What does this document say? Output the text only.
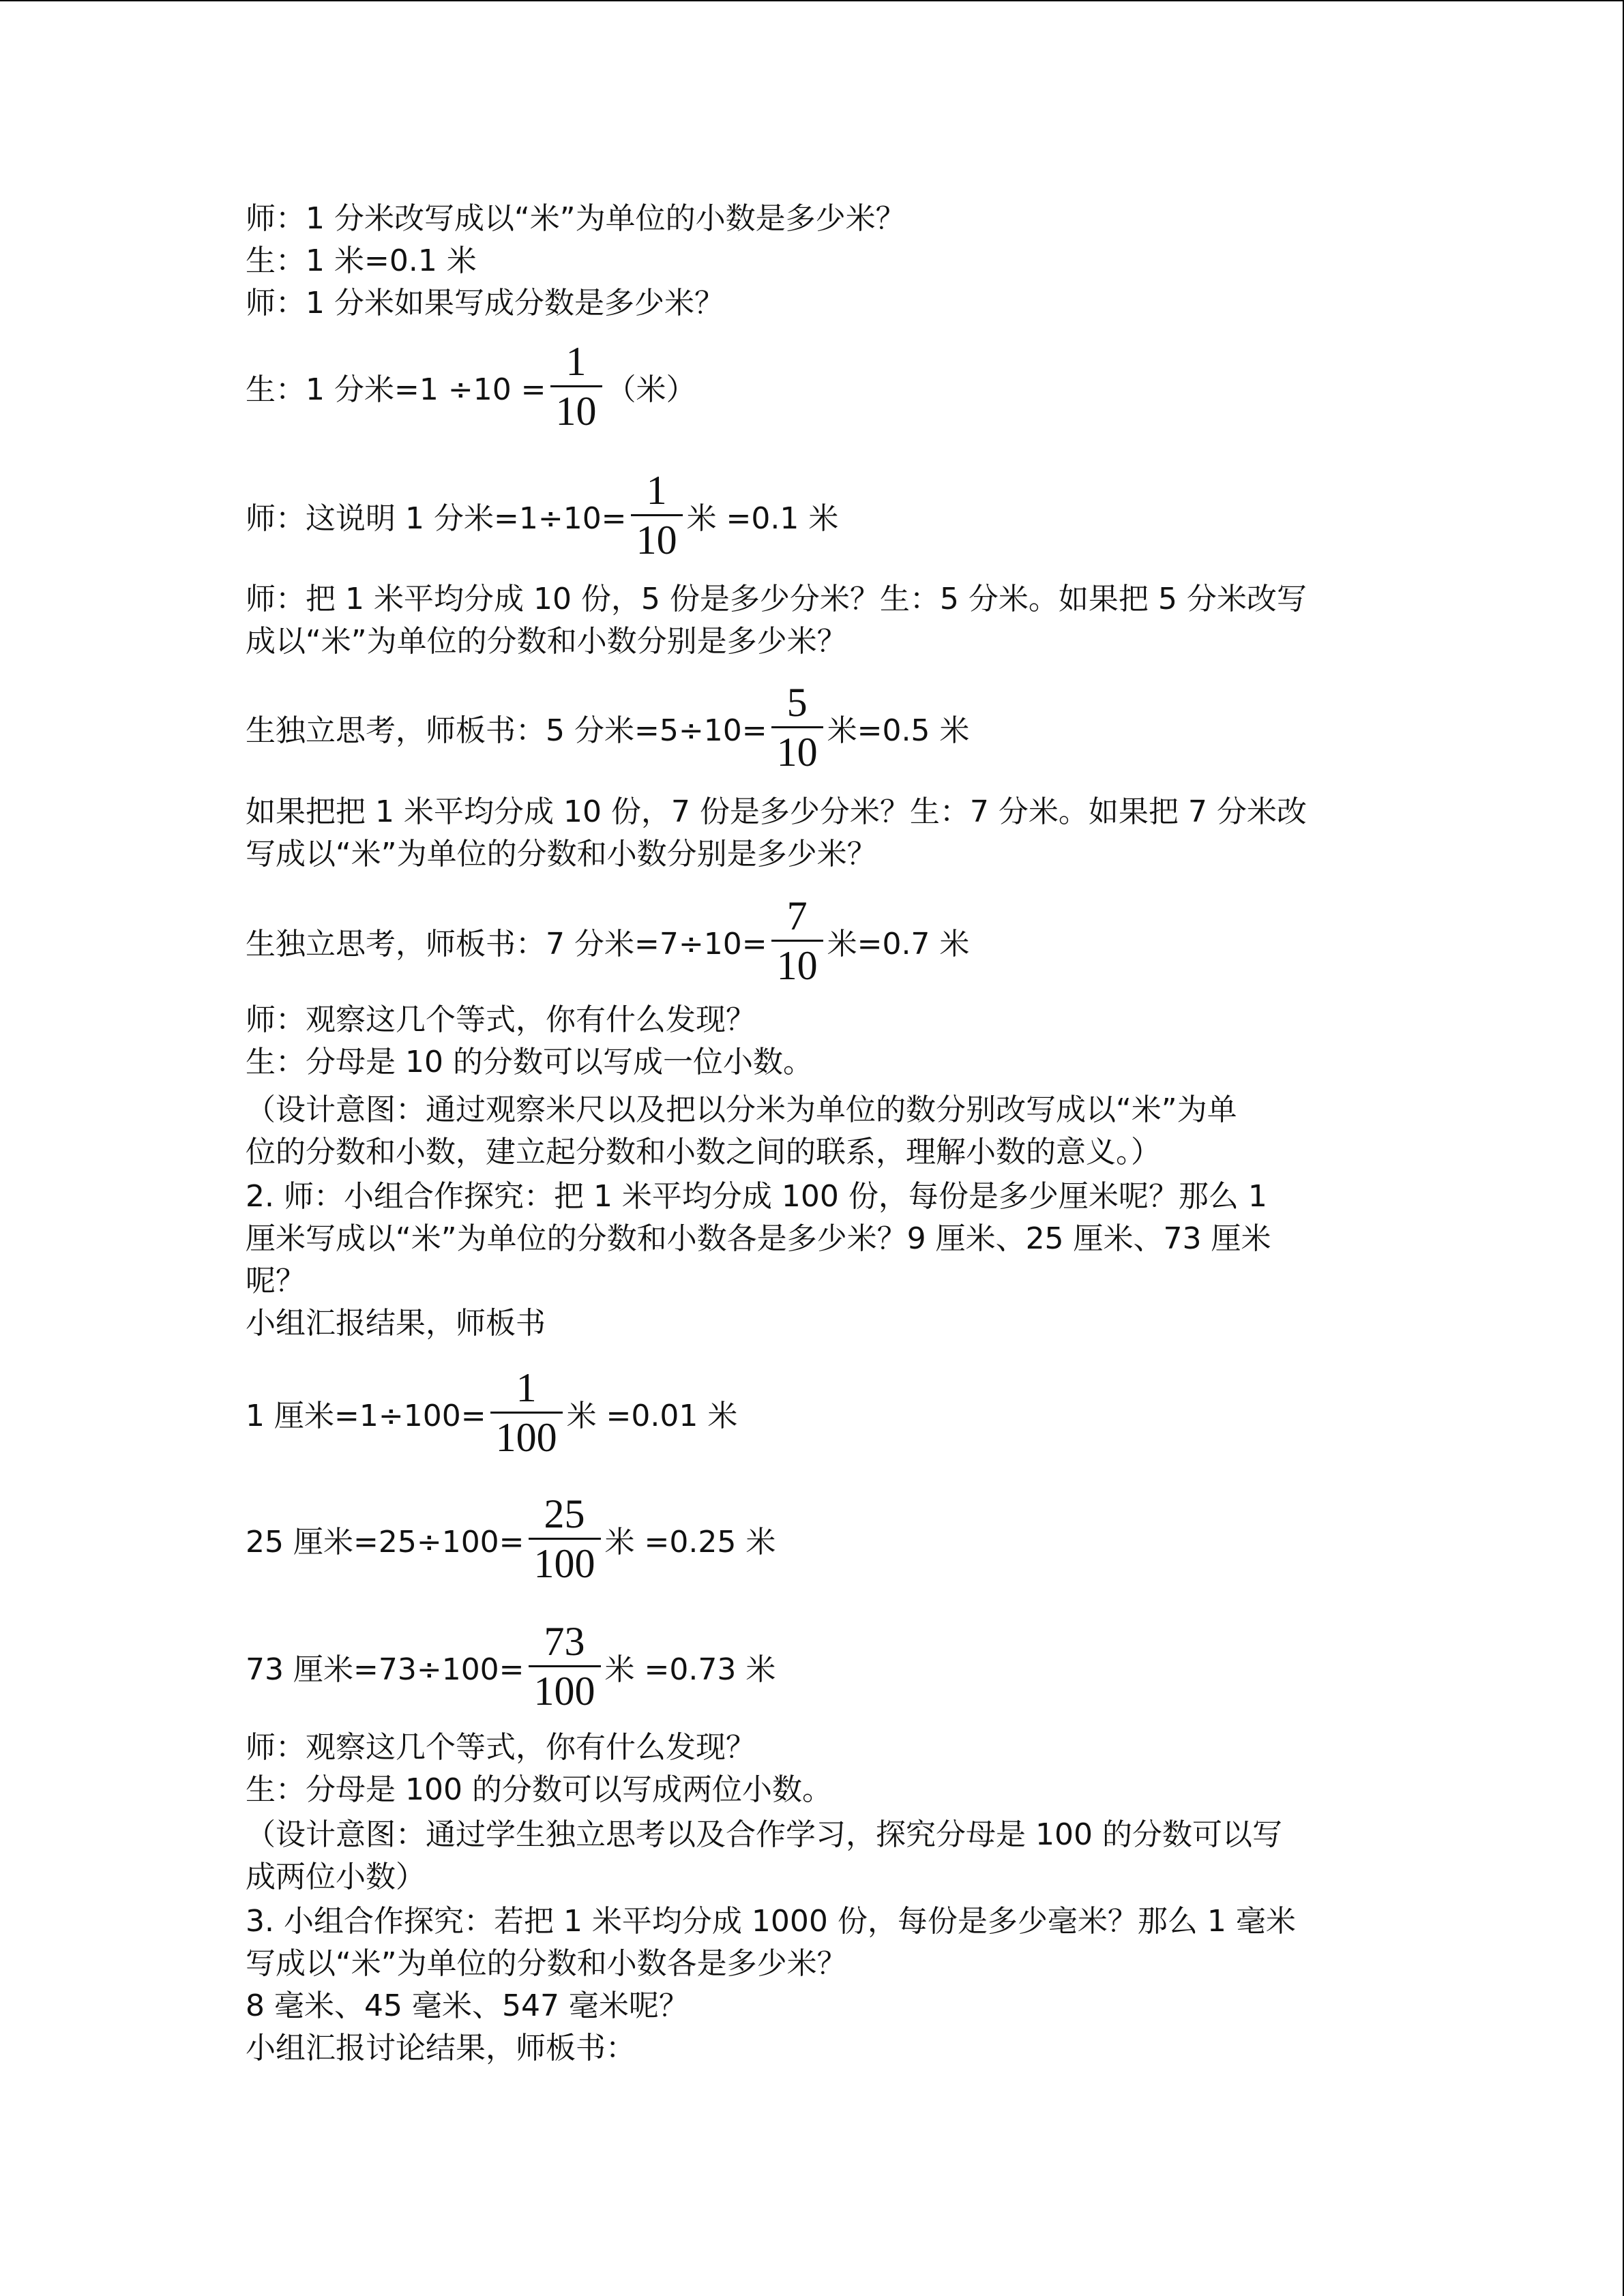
师：1 分米改写成以“米”为单位的小数是多少米？
生：1 米=0.1 米
师：1 分米如果写成分数是多少米？
生：1 分米$=1 \div 10 = \frac{1}{10}$ （米）
师：这说明 1 分米$=1\div 10= \frac{1}{10}$ 米 =0.1 米
师：把 1 米平均分成 10 份，5 份是多少分米？生：5 分米。如果把 5 分米改写
成以“米”为单位的分数和小数分别是多少米？
生独立思考，师板书：5 分米$=5\div 10= \frac{5}{10}$ 米=0.5 米
如果把把 1 米平均分成 10 份，7 份是多少分米？生：7 分米。如果把 7 分米改
写成以“米”为单位的分数和小数分别是多少米？
生独立思考，师板书：7 分米$=7\div 10= \frac{7}{10}$ 米=0.7 米
师：观察这几个等式，你有什么发现？
生：分母是 10 的分数可以写成一位小数。
（设计意图：通过观察米尺以及把以分米为单位的数分别改写成以“米”为单
位的分数和小数，建立起分数和小数之间的联系，理解小数的意义。）
2. 师：小组合作探究：把 1 米平均分成 100 份，每份是多少厘米呢？那么 1
厘米写成以“米”为单位的分数和小数各是多少米？9 厘米、25 厘米、73 厘米
呢？
小组汇报结果，师板书
1 厘米$=1\div 100= \frac{1}{100}$ 米 =0.01 米
25 厘米$=25\div 100= \frac{25}{100}$ 米 =0.25 米
73 厘米$=73\div 100= \frac{73}{100}$ 米 =0.73 米
师：观察这几个等式，你有什么发现？
生：分母是 100 的分数可以写成两位小数。
（设计意图：通过学生独立思考以及合作学习，探究分母是 100 的分数可以写
成两位小数）
3. 小组合作探究：若把 1 米平均分成 1000 份，每份是多少毫米？那么 1 毫米
写成以“米”为单位的分数和小数各是多少米？
8 毫米、45 毫米、547 毫米呢？
小组汇报讨论结果，师板书：
